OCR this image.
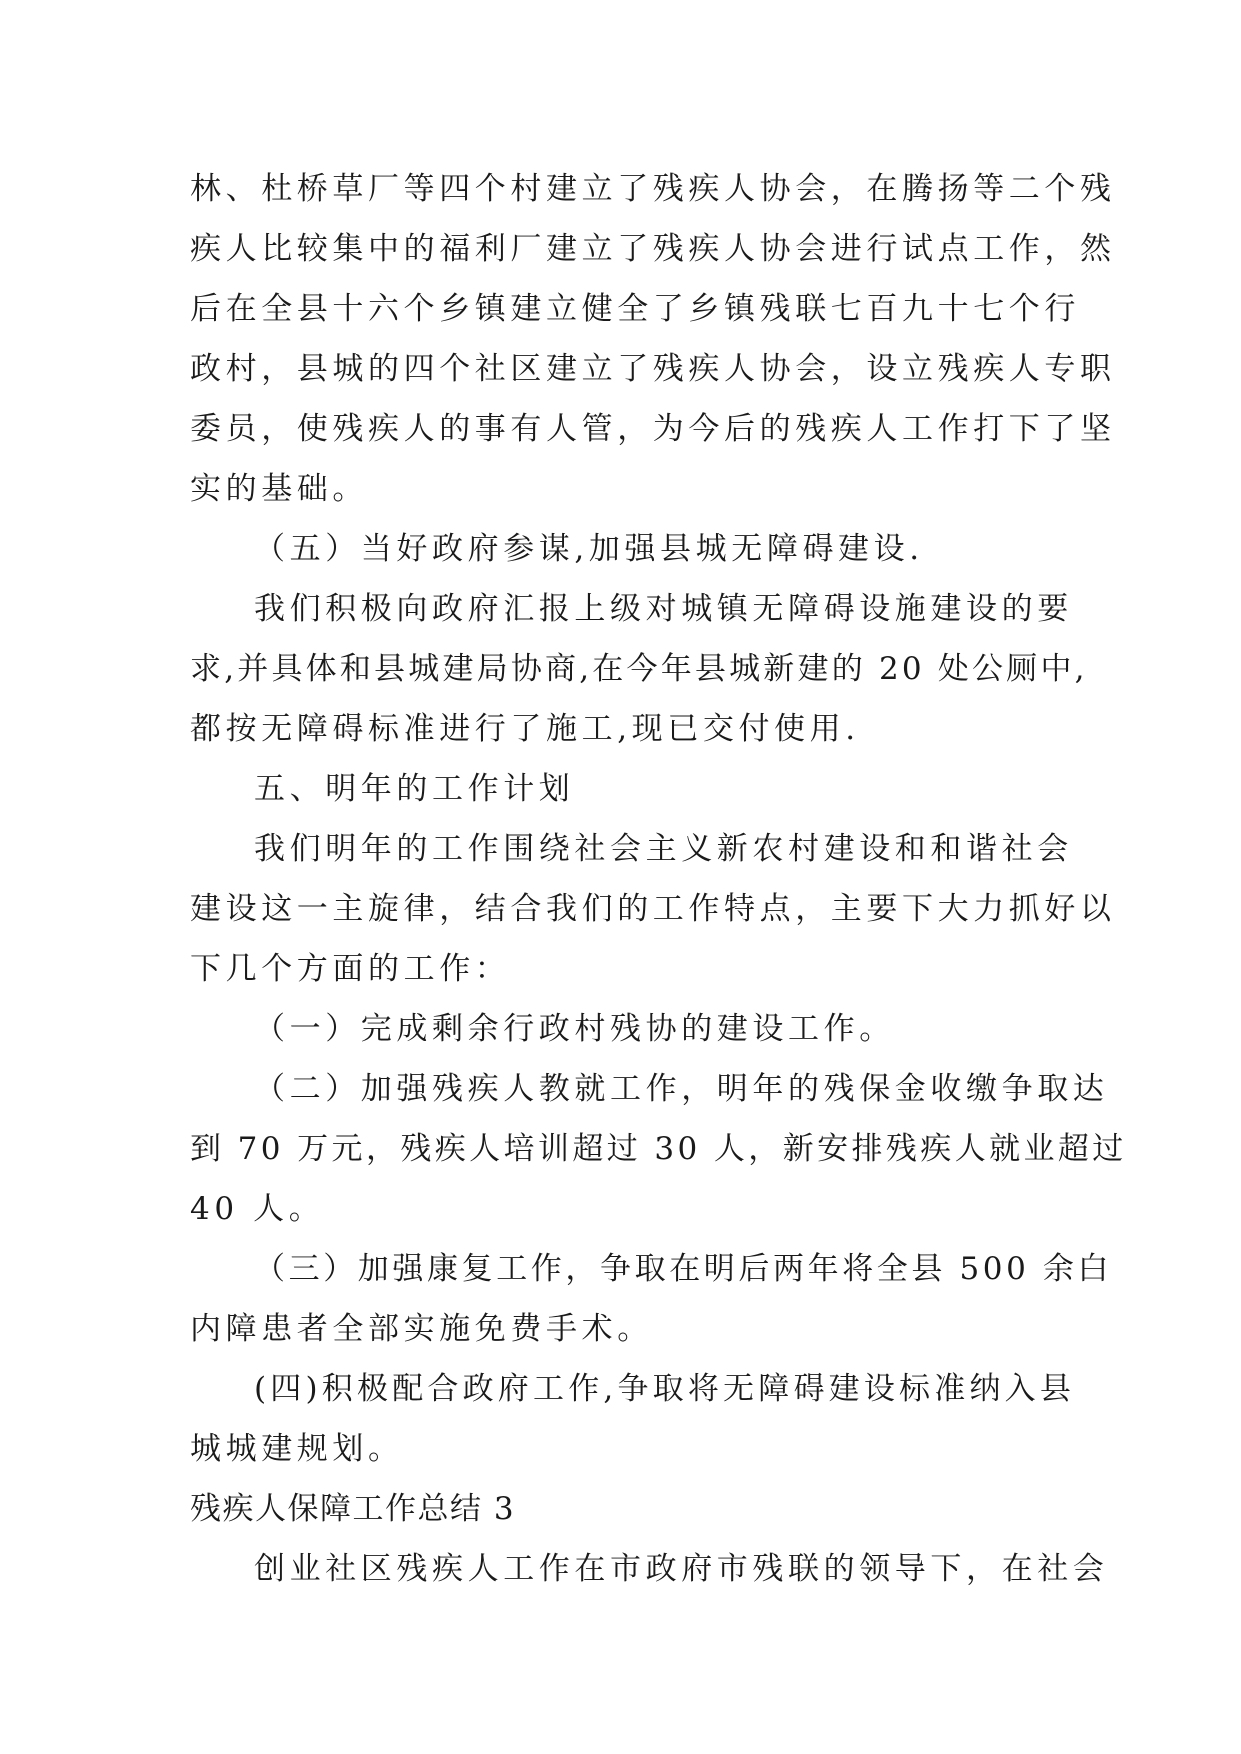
林、杜桥草厂等四个村建立了残疾人协会，在腾扬等二个残
疾人比较集中的福利厂建立了残疾人协会进行试点工作，然
后在全县十六个乡镇建立健全了乡镇残联七百九十七个行
政村，县城的四个社区建立了残疾人协会，设立残疾人专职
委员，使残疾人的事有人管，为今后的残疾人工作打下了坚
实的基础。
（五）当好政府参谋,加强县城无障碍建设.
我们积极向政府汇报上级对城镇无障碍设施建设的要
求,并具体和县城建局协商,在今年县城新建的 20 处公厕中,
都按无障碍标准进行了施工,现已交付使用.
五、明年的工作计划
我们明年的工作围绕社会主义新农村建设和和谐社会
建设这一主旋律，结合我们的工作特点，主要下大力抓好以
下几个方面的工作：
（一）完成剩余行政村残协的建设工作。
（二）加强残疾人教就工作，明年的残保金收缴争取达
到 70 万元，残疾人培训超过 30 人，新安排残疾人就业超过
40 人。
（三）加强康复工作，争取在明后两年将全县 500 余白
内障患者全部实施免费手术。
(四)积极配合政府工作,争取将无障碍建设标准纳入县
城城建规划。
残疾人保障工作总结 3
创业社区残疾人工作在市政府市残联的领导下，在社会
